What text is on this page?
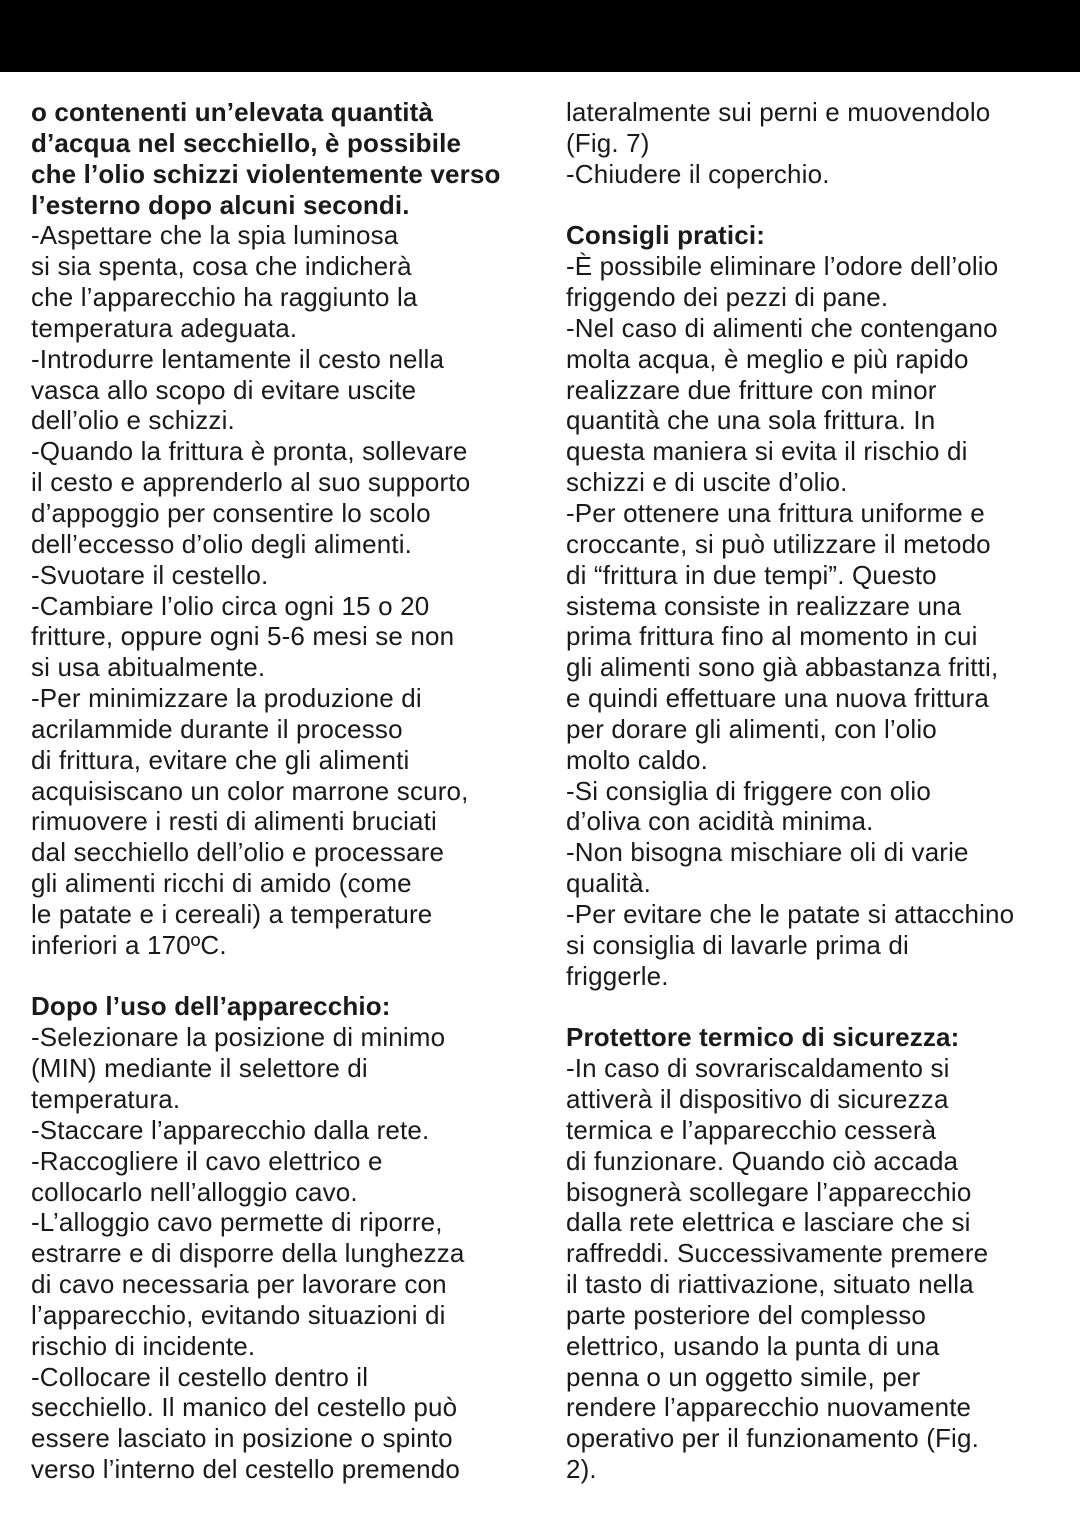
o contenenti un’elevata quantità
d’acqua nel secchiello, è possibile
che l’olio schizzi violentemente verso
l’esterno dopo alcuni secondi.
-Aspettare che la spia luminosa
si sia spenta, cosa che indicherà
che l’apparecchio ha raggiunto la
temperatura adeguata.
-Introdurre lentamente il cesto nella
vasca allo scopo di evitare uscite
dell’olio e schizzi.
-Quando la frittura è pronta, sollevare
il cesto e apprenderlo al suo supporto
d’appoggio per consentire lo scolo
dell’eccesso d’olio degli alimenti.
-Svuotare il cestello.
-Cambiare l’olio circa ogni 15 o 20
fritture, oppure ogni 5-6 mesi se non
si usa abitualmente.
-Per minimizzare la produzione di
acrilammide durante il processo
di frittura, evitare che gli alimenti
acquisiscano un color marrone scuro,
rimuovere i resti di alimenti bruciati
dal secchiello dell’olio e processare
gli alimenti ricchi di amido (come
le patate e i cereali) a temperature
inferiori a 170ºC.
Dopo l’uso dell’apparecchio:
-Selezionare la posizione di minimo
(MIN) mediante il selettore di
temperatura.
-Staccare l’apparecchio dalla rete.
-Raccogliere il cavo elettrico e
collocarlo nell’alloggio cavo.
-L’alloggio cavo permette di riporre,
estrarre e di disporre della lunghezza
di cavo necessaria per lavorare con
l’apparecchio, evitando situazioni di
rischio di incidente.
-Collocare il cestello dentro il
secchiello. Il manico del cestello può
essere lasciato in posizione o spinto
verso l’interno del cestello premendo
lateralmente sui perni e muovendolo
(Fig. 7)
-Chiudere il coperchio.
Consigli pratici:
-È possibile eliminare l’odore dell’olio
friggendo dei pezzi di pane.
-Nel caso di alimenti che contengano
molta acqua, è meglio e più rapido
realizzare due fritture con minor
quantità che una sola frittura. In
questa maniera si evita il rischio di
schizzi e di uscite d’olio.
-Per ottenere una frittura uniforme e
croccante, si può utilizzare il metodo
di “frittura in due tempi”. Questo
sistema consiste in realizzare una
prima frittura fino al momento in cui
gli alimenti sono già abbastanza fritti,
e quindi effettuare una nuova frittura
per dorare gli alimenti, con l’olio
molto caldo.
-Si consiglia di friggere con olio
d’oliva con acidità minima.
-Non bisogna mischiare oli di varie
qualità.
-Per evitare che le patate si attacchino
si consiglia di lavarle prima di
friggerle.
Protettore termico di sicurezza:
-In caso di sovrariscaldamento si
attiverà il dispositivo di sicurezza
termica e l’apparecchio cesserà
di funzionare. Quando ciò accada
bisognerà scollegare l’apparecchio
dalla rete elettrica e lasciare che si
raffreddi. Successivamente premere
il tasto di riattivazione, situato nella
parte posteriore del complesso
elettrico, usando la punta di una
penna o un oggetto simile, per
rendere l’apparecchio nuovamente
operativo per il funzionamento (Fig.
2).
